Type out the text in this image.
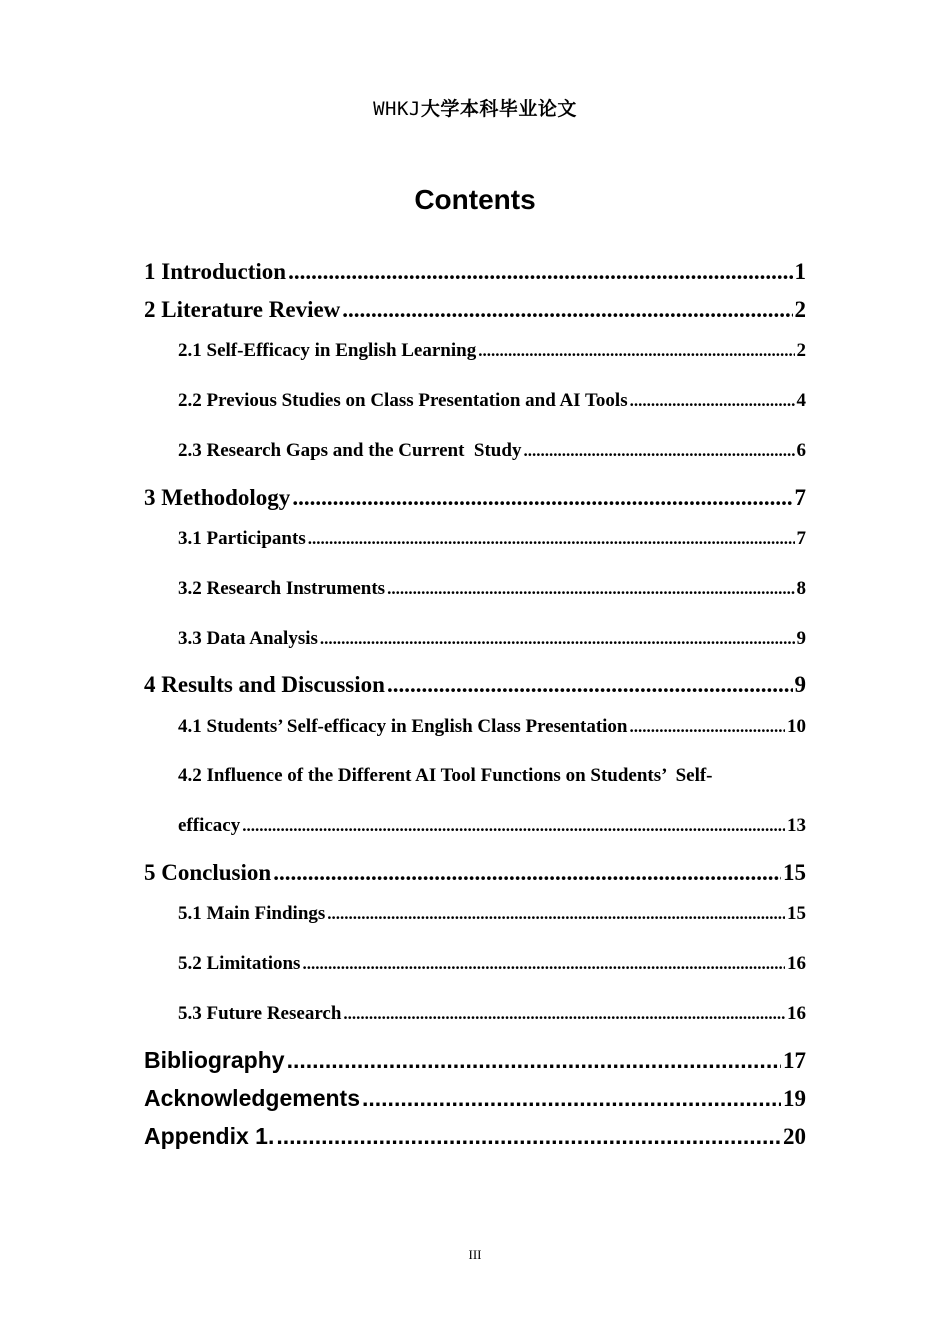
WHKJ大学本科毕业论文
Contents
1 Introduction .....	1
2 Literature Review .....	2
2.1 Self-Efficacy in English Learning .....	2
2.2 Previous Studies on Class Presentation and AI Tools .....	4
2.3 Research Gaps and the Current  Study .....	6
3 Methodology .....	7
3.1 Participants .....	7
3.2 Research Instruments .....	8
3.3 Data Analysis .....	9
4 Results and Discussion .....	9
4.1 Students’ Self-efficacy in English Class Presentation .....	10
4.2 Influence of the Different AI Tool Functions on Students’  Self-
efficacy .....	13
5 Conclusion .....	15
5.1 Main Findings .....	15
5.2 Limitations .....	16
5.3 Future Research .....	16
Bibliography .....	17
Acknowledgements .....	19
Appendix 1. .....	20
III
